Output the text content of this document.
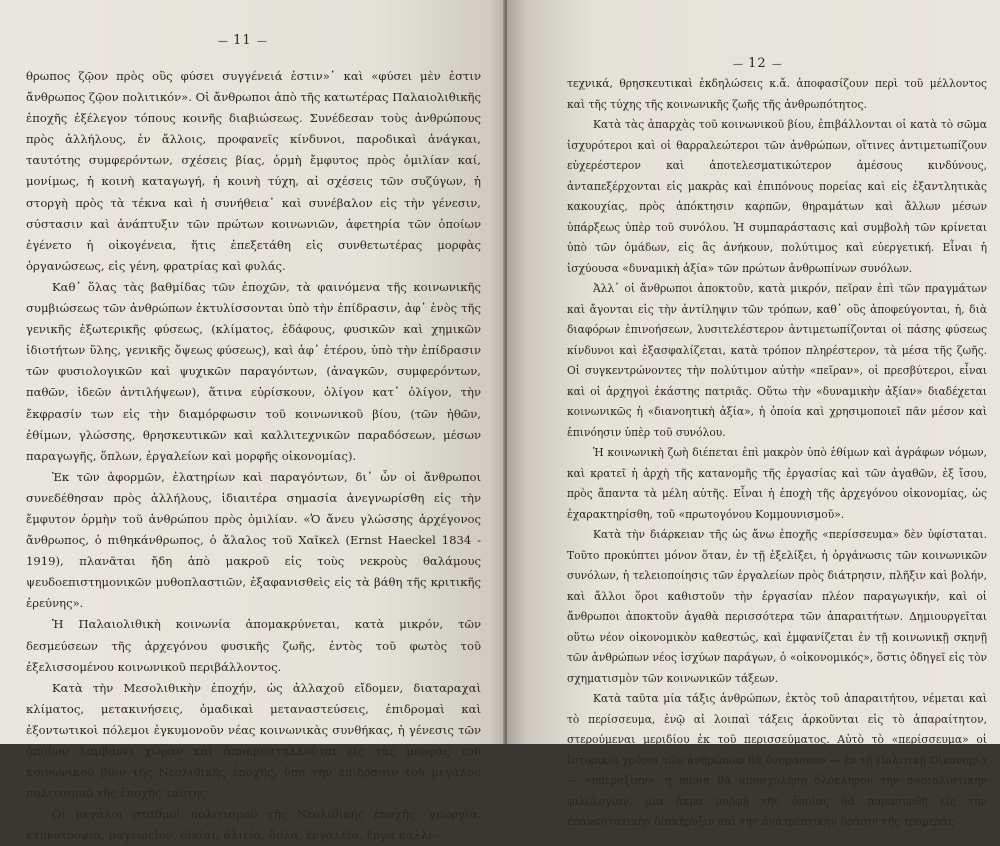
— 11 —

θρωπος ζῷον πρὸς οὓς φύσει συγγένειά ἐστιν»᾿ καὶ «φύσει μὲν ἐστιν ἄνθρωπος ζῷον πολιτικόν». Οἱ ἄνθρωποι ἀπὸ τῆς κατωτέρας Παλαιολιθικῆς ἐποχῆς ἐξέλεγον τόπους κοινῆς διαβιώσεως. Συνέδεσαν τοὺς ἀνθρώπους πρὸς ἀλλήλους, ἐν ἄλλοις, προφανεῖς κίνδυνοι, παροδικαὶ ἀνάγκαι, ταυτότης συμφερόντων, σχέσεις βίας, ὁρμὴ ἔμφυτος πρὸς ὁμιλίαν καί, μονίμως, ἡ κοινὴ καταγωγή, ἡ κοινὴ τύχη, αἱ σχέσεις τῶν συζύγων, ἡ στοργὴ πρὸς τὰ τέκνα καὶ ἡ συνήθεια᾿ καὶ συνέβαλον εἰς τὴν γένεσιν, σύστασιν καὶ ἀνάπτυξιν τῶν πρώτων κοινωνιῶν, ἀφετηρία τῶν ὁποίων ἐγένετο ἡ οἰκογένεια, ἥτις ἐπεξετάθη εἰς συνθετωτέρας μορφὰς ὀργανώσεως, εἰς γένη, φρατρίας καὶ φυλάς.

Καθ᾿ ὅλας τὰς βαθμίδας τῶν ἐποχῶν, τὰ φαινόμενα τῆς κοινωνικῆς συμβιώσεως τῶν ἀνθρώπων ἐκτυλίσσονται ὑπὸ τὴν ἐπίδρασιν, ἀφ᾿ ἑνὸς τῆς γενικῆς ἐξωτερικῆς φύσεως, (κλίματος, ἐδάφους, φυσικῶν καὶ χημικῶν ἰδιοτήτων ὕλης, γενικῆς ὄψεως φύσεως), καὶ ἀφ᾿ ἑτέρου, ὑπὸ τὴν ἐπίδρασιν τῶν φυσιολογικῶν καὶ ψυχικῶν παραγόντων, (ἀναγκῶν, συμφερόντων, παθῶν, ἰδεῶν ἀντιλήψεων), ἅτινα εὐρίσκουν, ὀλίγον κατ᾿ ὀλίγον, τὴν ἔκφρασίν των εἰς τὴν διαμόρφωσιν τοῦ κοινωνικοῦ βίου, (τῶν ἠθῶν, ἐθίμων, γλώσσης, θρησκευτικῶν καὶ καλλιτεχνικῶν παραδόσεων, μέσων παραγωγῆς, ὅπλων, ἐργαλείων καὶ μορφῆς οἰκονομίας).

Ἐκ τῶν ἀφορμῶν, ἐλατηρίων καὶ παραγόντων, δι᾿ ὧν οἱ ἄνθρωποι συνεδέθησαν πρὸς ἀλλήλους, ἰδιαιτέρα σημασία ἀνεγνωρίσθη εἰς τὴν ἔμφυτον ὁρμὴν τοῦ ἀνθρώπου πρὸς ὁμιλίαν. «Ὁ ἄνευ γλώσσης ἀρχέγονος ἄνθρωπος, ὁ πιθηκάνθρωπος, ὁ ἄλαλος τοῦ Χαῖκελ (Ernst Haeckel 1834 - 1919), πλανᾶται ἤδη ἀπὸ μακροῦ εἰς τοὺς νεκροὺς θαλάμους ψευδοεπιστημονικῶν μυθοπλαστιῶν, ἐξαφανισθεὶς εἰς τὰ βάθη τῆς κριτικῆς ἐρεύνης».

Ἡ Παλαιολιθικὴ κοινωνία ἀπομακρύνεται, κατὰ μικρόν, τῶν δεσμεύσεων τῆς ἀρχεγόνου φυσικῆς ζωῆς, ἐντὸς τοῦ φωτὸς τοῦ ἐξελισσομένου κοινωνικοῦ περιβάλλοντος.

Κατὰ τὴν Μεσολιθικὴν ἐποχήν, ὡς ἀλλαχοῦ εἴδομεν, διαταραχαὶ κλίματος, μετακινήσεις, ὁμαδικαὶ μεταναστεύσεις, ἐπιδρομαὶ καὶ ἐξοντωτικοὶ πόλεμοι ἐγκυμονοῦν νέας κοινωνικὰς συνθήκας, ἡ γένεσις τῶν ὁποίων λαμβάνει χώραν καὶ ἀποκρυσταλλοῦται εἰς τὰς μορφὰς τοῦ κοινωνικοῦ βίου τῆς Νεολιθικῆς ἐποχῆς, ὑπὸ τὴν ἐπίδρασιν τοῦ μεγάλου πολιτισμοῦ τῆς ἐποχῆς ταύτης.

Οἱ μεγάλοι σταθμοὶ πολιτισμοῦ τῆς Νεολιθικῆς ἐποχῆς: γεωργία, κτηνοτροφία, μαγειρεῖον, οἰκίαι, ἁλιεία, ὅπλα, ἐργαλεῖα, ἔργα καλλι-

— 12 —

τεχνικά, θρησκευτικαὶ ἐκδηλώσεις κ.ἄ. ἀποφασίζουν περὶ τοῦ μέλλοντος καὶ τῆς τύχης τῆς κοινωνικῆς ζωῆς τῆς ἀνθρωπότητος.

Κατὰ τὰς ἀπαρχὰς τοῦ κοινωνικοῦ βίου, ἐπιβάλλονται οἱ κατὰ τὸ σῶμα ἰσχυρότεροι καὶ οἱ θαρραλεώτεροι τῶν ἀνθρώπων, οἵτινες ἀντιμετωπίζουν εὐχερέστερον καὶ ἀποτελεσματικώτερον ἀμέσους κινδύνους, ἀνταπεξέρχονται εἰς μακρὰς καὶ ἐπιπόνους πορείας καὶ εἰς ἐξαντλητικὰς κακουχίας, πρὸς ἀπόκτησιν καρπῶν, θηραμάτων καὶ ἄλλων μέσων ὑπάρξεως ὑπὲρ τοῦ συνόλου. Ἡ συμπαράστασις καὶ συμβολὴ τῶν κρίνεται ὑπὸ τῶν ὁμάδων, εἰς ἃς ἀνήκουν, πολύτιμος καὶ εὐεργετική. Εἶναι ἡ ἰσχύουσα «δυναμικὴ ἀξία» τῶν πρώτων ἀνθρωπίνων συνόλων.

Ἀλλ᾿ οἱ ἄνθρωποι ἀποκτοῦν, κατὰ μικρόν, πεῖραν ἐπὶ τῶν πραγμάτων καὶ ἄγονται εἰς τὴν ἀντίληψιν τῶν τρόπων, καθ᾿ οὓς ἀποφεύγονται, ἡ, διὰ διαφόρων ἐπινοήσεων, λυσιτελέστερον ἀντιμετωπίζονται οἱ πάσης φύσεως κίνδυνοι καὶ ἐξασφαλίζεται, κατὰ τρόπον πληρέστερον, τὰ μέσα τῆς ζωῆς. Οἱ συγκεντρώνοντες τὴν πολύτιμον αὐτὴν «πεῖραν», οἱ πρεσβύτεροι, εἶναι καὶ οἱ ἀρχηγοὶ ἑκάστης πατριᾶς. Οὕτω τὴν «δυναμικὴν ἀξίαν» διαδέχεται κοινωνικῶς ἡ «διανοητικὴ ἀξία», ἡ ὁποία καὶ χρησιμοποιεῖ πᾶν μέσον καὶ ἐπινόησιν ὑπὲρ τοῦ συνόλου.

Ἡ κοινωνικὴ ζωὴ διέπεται ἐπὶ μακρὸν ὑπὸ ἐθίμων καὶ ἀγράφων νόμων, καὶ κρατεῖ ἡ ἀρχὴ τῆς κατανομῆς τῆς ἐργασίας καὶ τῶν ἀγαθῶν, ἐξ ἴσου, πρὸς ἅπαντα τὰ μέλη αὐτῆς. Εἶναι ἡ ἐποχὴ τῆς ἀρχεγόνου οἰκονομίας, ὡς ἐχαρακτηρίσθη, τοῦ «πρωτογόνου Κομμουνισμοῦ».

Κατὰ τὴν διάρκειαν τῆς ὡς ἄνω ἐποχῆς «περίσσευμα» δὲν ὑφίσταται. Τοῦτο προκύπτει μόνον ὅταν, ἐν τῇ ἐξελίξει, ἡ ὀργάνωσις τῶν κοινωνικῶν συνόλων, ἡ τελειοποίησις τῶν ἐργαλείων πρὸς διάτρησιν, πλῆξιν καὶ βολήν, καὶ ἄλλοι ὅροι καθιστοῦν τὴν ἐργασίαν πλέον παραγωγικήν, καὶ οἱ ἄνθρωποι ἀποκτοῦν ἀγαθὰ περισσότερα τῶν ἀπαραιτήτων. Δημιουργεῖται οὕτω νέον οἰκονομικὸν καθεστώς, καὶ ἐμφανίζεται ἐν τῇ κοινωνικῇ σκηνῇ τῶν ἀνθρώπων νέος ἰσχύων παράγων, ὁ «οἰκονομικός», ὅστις ὁδηγεῖ εἰς τὸν σχηματισμὸν τῶν κοινωνικῶν τάξεων.

Κατὰ ταῦτα μία τάξις ἀνθρώπων, ἐκτὸς τοῦ ἀπαραιτήτου, νέμεται καὶ τὸ περίσσευμα, ἐνῷ αἱ λοιπαὶ τάξεις ἀρκοῦνται εἰς τὸ ἀπαραίτητον, στερούμεναι μεριδίου ἐκ τοῦ περισσεύματος. Αὐτὸ τὸ «περίσσευμα» οἱ ἱστορικοὶ χρόνοι τῶν ἀνθρώπων θὰ ὀνομάσουν — ἐν τῇ Πολιτικῇ Οἰκονομίᾳ — «ὑπεραξίαν», ἡ ὁποία θὰ ἀπασχολήσῃ ὁλόκληρον τὴν σοσιαλιστικὴν φιλολογίαν, μία ἄκρα μορφὴ τῆς ὁποίας θὰ παρασυρθῇ εἰς τὴν ἐπαναστατικὴν διακήρυξιν καὶ τὴν ἀνατρεπτικὴν δρᾶσιν τῆς τρομερᾶς
